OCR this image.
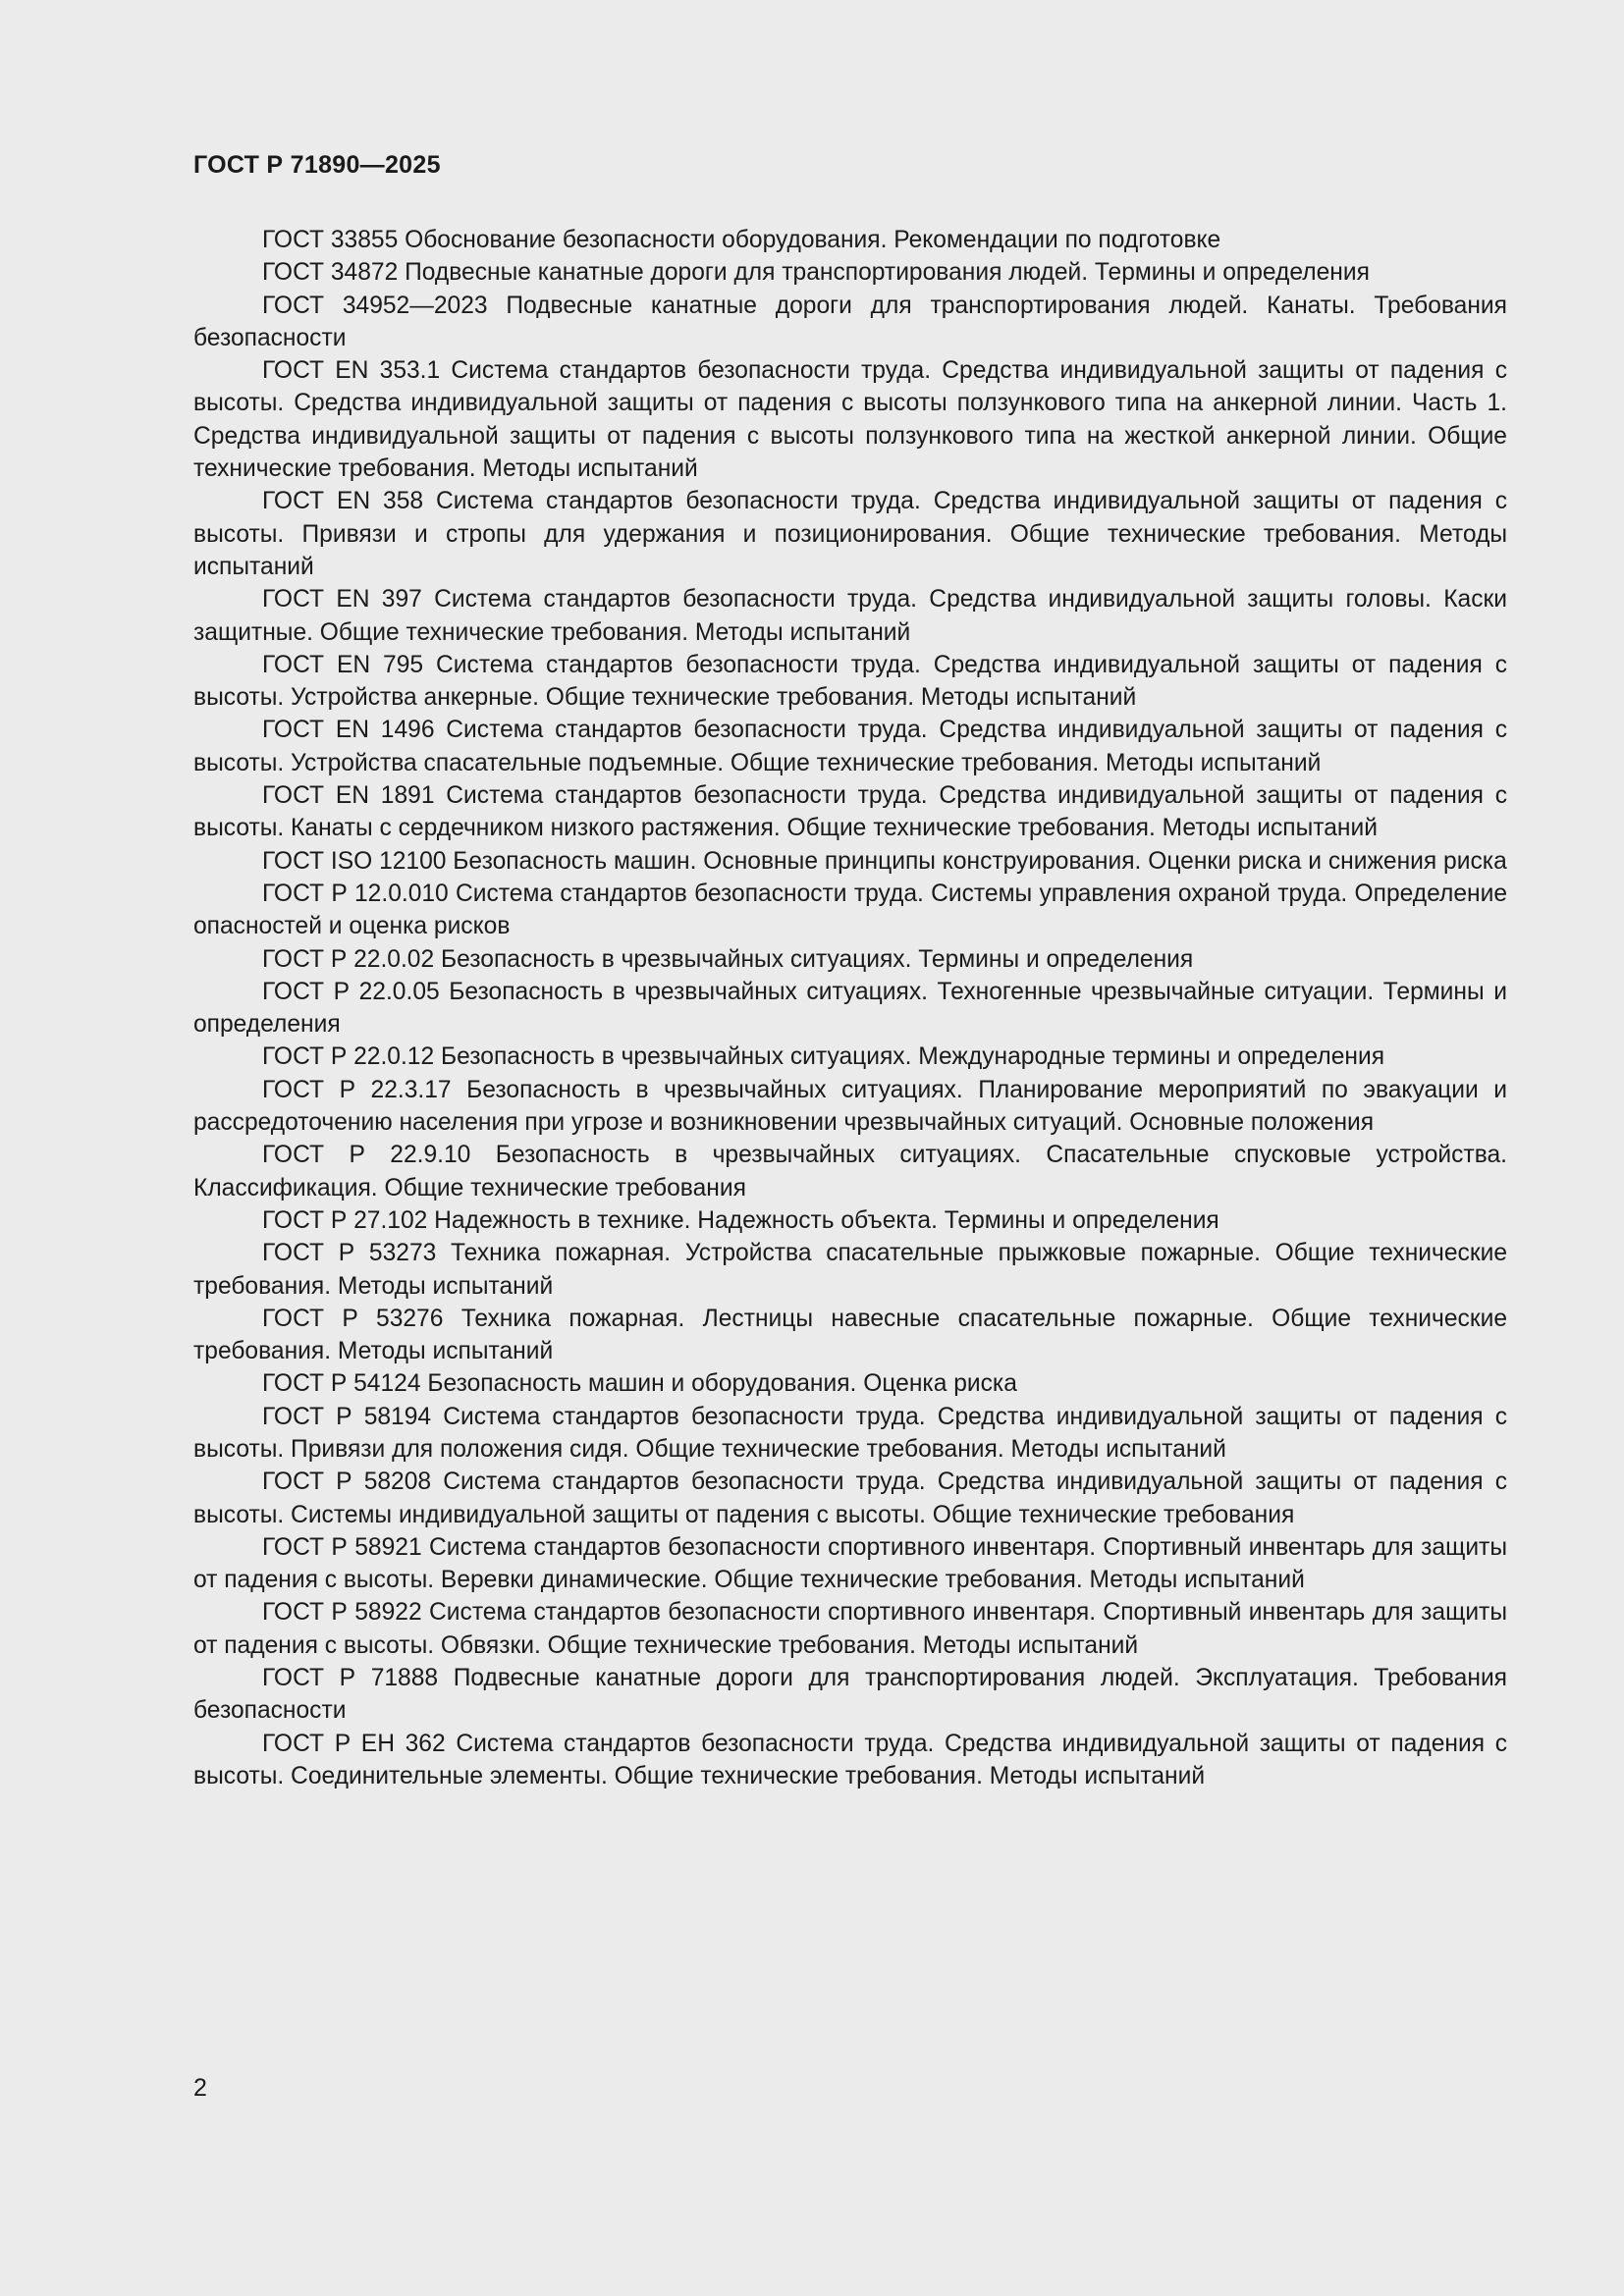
ГОСТ Р 71890—2025

ГОСТ 33855 Обоснование безопасности оборудования. Рекомендации по подготовке

ГОСТ 34872 Подвесные канатные дороги для транспортирования людей. Термины и определения

ГОСТ 34952—2023 Подвесные канатные дороги для транспортирования людей. Канаты. Требования безопасности

ГОСТ EN 353.1 Система стандартов безопасности труда. Средства индивидуальной защиты от падения с высоты. Средства индивидуальной защиты от падения с высоты ползункового типа на анкерной линии. Часть 1. Средства индивидуальной защиты от падения с высоты ползункового типа на жесткой анкерной линии. Общие технические требования. Методы испытаний

ГОСТ EN 358 Система стандартов безопасности труда. Средства индивидуальной защиты от падения с высоты. Привязи и стропы для удержания и позиционирования. Общие технические требования. Методы испытаний

ГОСТ EN 397 Система стандартов безопасности труда. Средства индивидуальной защиты головы. Каски защитные. Общие технические требования. Методы испытаний

ГОСТ EN 795 Система стандартов безопасности труда. Средства индивидуальной защиты от падения с высоты. Устройства анкерные. Общие технические требования. Методы испытаний

ГОСТ EN 1496 Система стандартов безопасности труда. Средства индивидуальной защиты от падения с высоты. Устройства спасательные подъемные. Общие технические требования. Методы испытаний

ГОСТ EN 1891 Система стандартов безопасности труда. Средства индивидуальной защиты от падения с высоты. Канаты с сердечником низкого растяжения. Общие технические требования. Методы испытаний

ГОСТ ISO 12100 Безопасность машин. Основные принципы конструирования. Оценки риска и снижения риска

ГОСТ Р 12.0.010 Система стандартов безопасности труда. Системы управления охраной труда. Определение опасностей и оценка рисков

ГОСТ Р 22.0.02 Безопасность в чрезвычайных ситуациях. Термины и определения

ГОСТ Р 22.0.05 Безопасность в чрезвычайных ситуациях. Техногенные чрезвычайные ситуации. Термины и определения

ГОСТ Р 22.0.12 Безопасность в чрезвычайных ситуациях. Международные термины и определения

ГОСТ Р 22.3.17 Безопасность в чрезвычайных ситуациях. Планирование мероприятий по эвакуации и рассредоточению населения при угрозе и возникновении чрезвычайных ситуаций. Основные положения

ГОСТ Р 22.9.10 Безопасность в чрезвычайных ситуациях. Спасательные спусковые устройства. Классификация. Общие технические требования

ГОСТ Р 27.102 Надежность в технике. Надежность объекта. Термины и определения

ГОСТ Р 53273 Техника пожарная. Устройства спасательные прыжковые пожарные. Общие технические требования. Методы испытаний

ГОСТ Р 53276 Техника пожарная. Лестницы навесные спасательные пожарные. Общие технические требования. Методы испытаний

ГОСТ Р 54124 Безопасность машин и оборудования. Оценка риска

ГОСТ Р 58194 Система стандартов безопасности труда. Средства индивидуальной защиты от падения с высоты. Привязи для положения сидя. Общие технические требования. Методы испытаний

ГОСТ Р 58208 Система стандартов безопасности труда. Средства индивидуальной защиты от падения с высоты. Системы индивидуальной защиты от падения с высоты. Общие технические требования

ГОСТ Р 58921 Система стандартов безопасности спортивного инвентаря. Спортивный инвентарь для защиты от падения с высоты. Веревки динамические. Общие технические требования. Методы испытаний

ГОСТ Р 58922 Система стандартов безопасности спортивного инвентаря. Спортивный инвентарь для защиты от падения с высоты. Обвязки. Общие технические требования. Методы испытаний

ГОСТ Р 71888 Подвесные канатные дороги для транспортирования людей. Эксплуатация. Требования безопасности

ГОСТ Р ЕН 362 Система стандартов безопасности труда. Средства индивидуальной защиты от падения с высоты. Соединительные элементы. Общие технические требования. Методы испытаний

2
